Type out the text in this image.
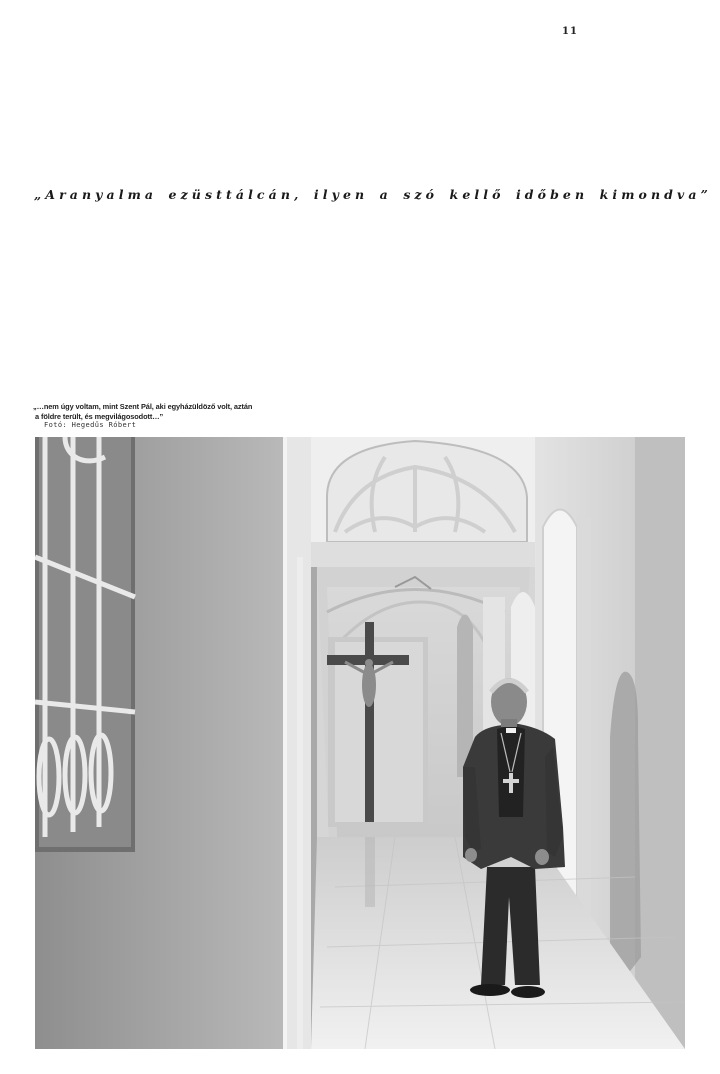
11
„Aranyalma ezüsttálcán, ilyen a szó kellő időben kimondva”
„…nem úgy voltam, mint Szent Pál, aki egyházüldöző volt, aztán
a földre terült, és megvilágosodott…”
Fotó: Hegedűs Róbert
